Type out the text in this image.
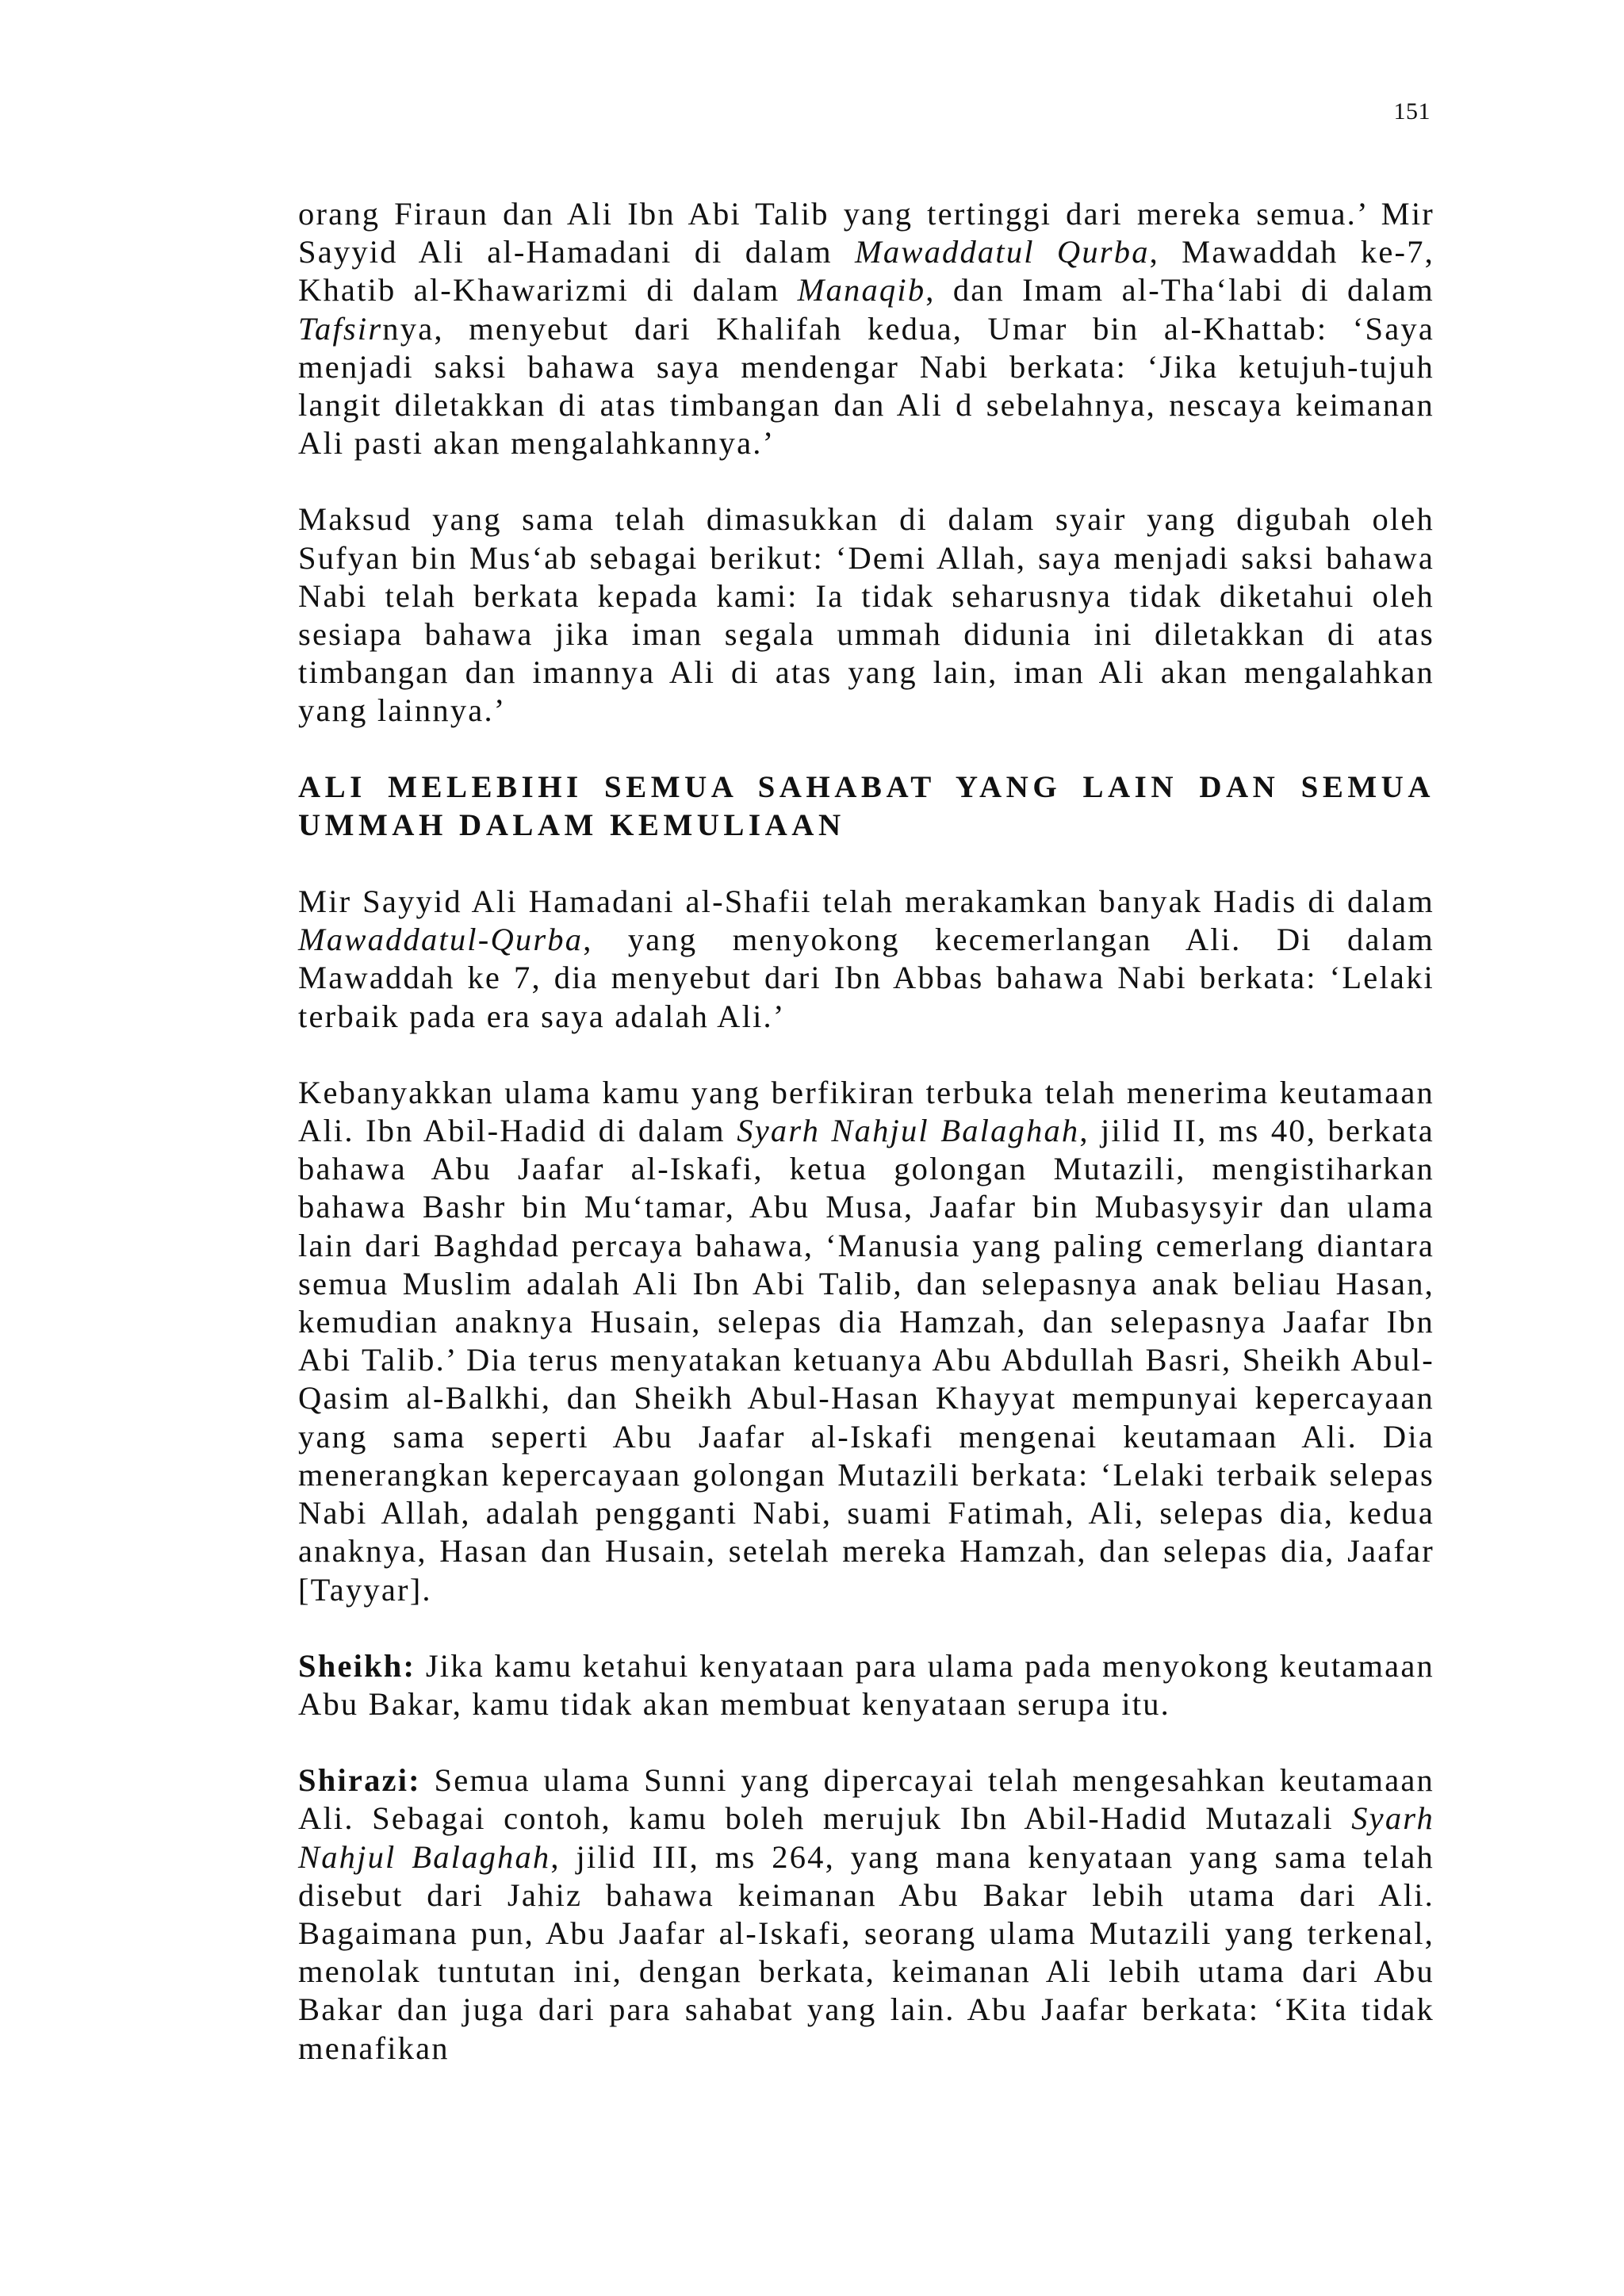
151

orang Firaun dan Ali Ibn Abi Talib yang tertinggi dari mereka semua.’ Mir Sayyid Ali al-Hamadani di dalam Mawaddatul Qurba, Mawaddah ke-7, Khatib al-Khawarizmi di dalam Manaqib, dan Imam al-Tha‘labi di dalam Tafsirnya, menyebut dari Khalifah kedua, Umar bin al-Khattab: ‘Saya menjadi saksi bahawa saya mendengar Nabi berkata: ‘Jika ketujuh-tujuh langit diletakkan di atas timbangan dan Ali d sebelahnya, nescaya keimanan Ali pasti akan mengalahkannya.’

Maksud yang sama telah dimasukkan di dalam syair yang digubah oleh Sufyan bin Mus‘ab sebagai berikut: ‘Demi Allah, saya menjadi saksi bahawa Nabi telah berkata kepada kami: Ia tidak seharusnya tidak diketahui oleh sesiapa bahawa jika iman segala ummah didunia ini diletakkan di atas timbangan dan imannya Ali di atas yang lain, iman Ali akan mengalahkan yang lainnya.’

ALI MELEBIHI SEMUA SAHABAT YANG LAIN DAN SEMUA UMMAH DALAM KEMULIAAN

Mir Sayyid Ali Hamadani al-Shafii telah merakamkan banyak Hadis di dalam Mawaddatul-Qurba, yang menyokong kecemerlangan Ali. Di dalam Mawaddah ke 7, dia menyebut dari Ibn Abbas bahawa Nabi berkata: ‘Lelaki terbaik pada era saya adalah Ali.’

Kebanyakkan ulama kamu yang berfikiran terbuka telah menerima keutamaan Ali. Ibn Abil-Hadid di dalam Syarh Nahjul Balaghah, jilid II, ms 40, berkata bahawa Abu Jaafar al-Iskafi, ketua golongan Mutazili, mengistiharkan bahawa Bashr bin Mu‘tamar, Abu Musa, Jaafar bin Mubasysyir dan ulama lain dari Baghdad percaya bahawa, ‘Manusia yang paling cemerlang diantara semua Muslim adalah Ali Ibn Abi Talib, dan selepasnya anak beliau Hasan, kemudian anaknya Husain, selepas dia Hamzah, dan selepasnya Jaafar Ibn Abi Talib.’ Dia terus menyatakan ketuanya Abu Abdullah Basri, Sheikh Abul-Qasim al-Balkhi, dan Sheikh Abul-Hasan Khayyat mempunyai kepercayaan yang sama seperti Abu Jaafar al-Iskafi mengenai keutamaan Ali. Dia menerangkan kepercayaan golongan Mutazili berkata: ‘Lelaki terbaik selepas Nabi Allah, adalah pengganti Nabi, suami Fatimah, Ali, selepas dia, kedua anaknya, Hasan dan Husain, setelah mereka Hamzah, dan selepas dia, Jaafar [Tayyar].

Sheikh: Jika kamu ketahui kenyataan para ulama pada menyokong keutamaan Abu Bakar, kamu tidak akan membuat kenyataan serupa itu.

Shirazi: Semua ulama Sunni yang dipercayai telah mengesahkan keutamaan Ali. Sebagai contoh, kamu boleh merujuk Ibn Abil-Hadid Mutazali Syarh Nahjul Balaghah, jilid III, ms 264, yang mana kenyataan yang sama telah disebut dari Jahiz bahawa keimanan Abu Bakar lebih utama dari Ali. Bagaimana pun, Abu Jaafar al-Iskafi, seorang ulama Mutazili yang terkenal, menolak tuntutan ini, dengan berkata, keimanan Ali lebih utama dari Abu Bakar dan juga dari para sahabat yang lain. Abu Jaafar berkata: ‘Kita tidak menafikan
